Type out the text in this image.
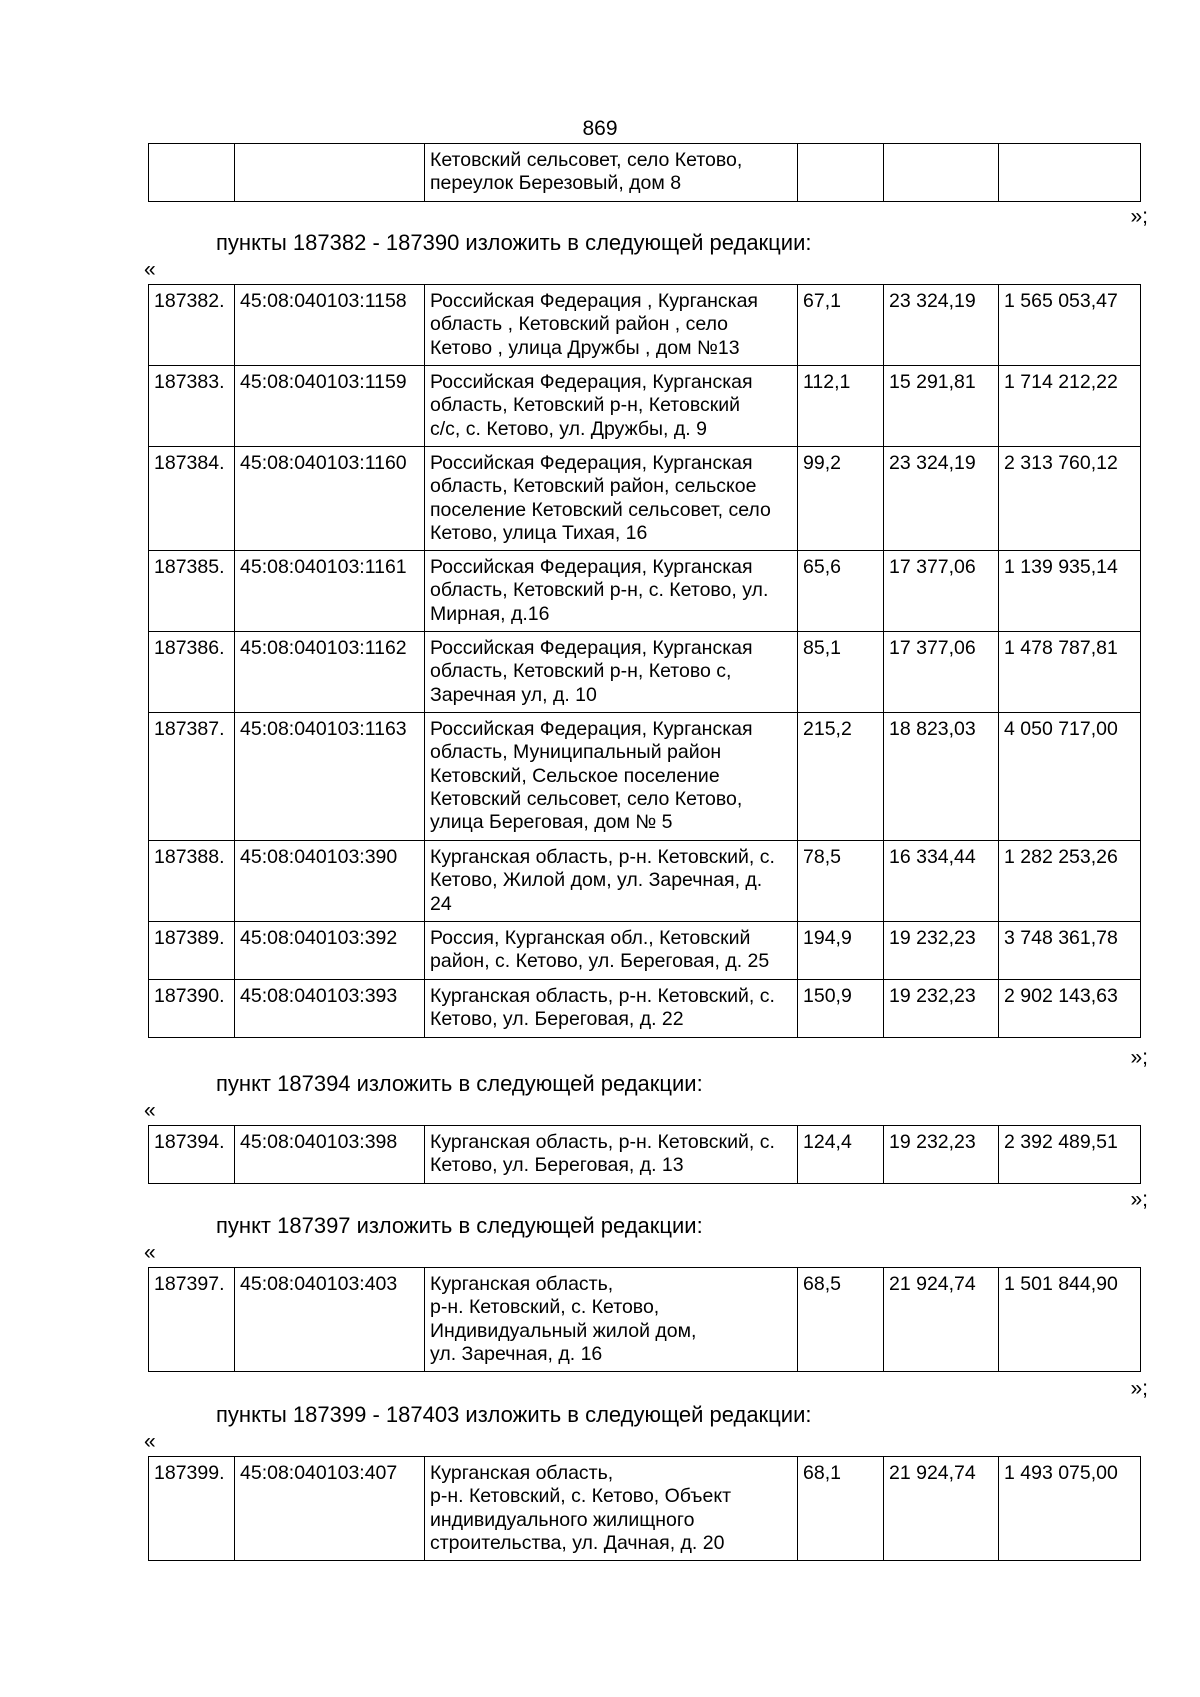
869
		Кетовский сельсовет, село Кетово,
переулок Березовый, дом 8			
»;
пункты 187382 - 187390 изложить в следующей редакции:
«
187382.	45:08:040103:1158	Российская Федерация , Курганская
область , Кетовский район , село
Кетово , улица Дружбы , дом №13	67,1	23 324,19	1 565 053,47
187383.	45:08:040103:1159	Российская Федерация, Курганская
область, Кетовский р-н, Кетовский
с/с, с. Кетово, ул. Дружбы, д. 9	112,1	15 291,81	1 714 212,22
187384.	45:08:040103:1160	Российская Федерация, Курганская
область, Кетовский район, сельское
поселение Кетовский сельсовет, село
Кетово, улица Тихая, 16	99,2	23 324,19	2 313 760,12
187385.	45:08:040103:1161	Российская Федерация, Курганская
область, Кетовский р-н, с. Кетово, ул.
Мирная, д.16	65,6	17 377,06	1 139 935,14
187386.	45:08:040103:1162	Российская Федерация, Курганская
область, Кетовский р-н, Кетово с,
Заречная ул, д. 10	85,1	17 377,06	1 478 787,81
187387.	45:08:040103:1163	Российская Федерация, Курганская
область, Муниципальный район
Кетовский, Сельское поселение
Кетовский сельсовет, село Кетово,
улица Береговая, дом № 5	215,2	18 823,03	4 050 717,00
187388.	45:08:040103:390	Курганская область, р-н. Кетовский, с.
Кетово, Жилой дом, ул. Заречная, д.
24	78,5	16 334,44	1 282 253,26
187389.	45:08:040103:392	Россия, Курганская обл., Кетовский
район, с. Кетово, ул. Береговая, д. 25	194,9	19 232,23	3 748 361,78
187390.	45:08:040103:393	Курганская область, р-н. Кетовский, с.
Кетово, ул. Береговая, д. 22	150,9	19 232,23	2 902 143,63
»;
пункт 187394 изложить в следующей редакции:
«
187394.	45:08:040103:398	Курганская область, р-н. Кетовский, с.
Кетово, ул. Береговая, д. 13	124,4	19 232,23	2 392 489,51
»;
пункт 187397 изложить в следующей редакции:
«
187397.	45:08:040103:403	Курганская область,
р-н. Кетовский, с. Кетово,
Индивидуальный жилой дом,
ул. Заречная, д. 16	68,5	21 924,74	1 501 844,90
»;
пункты 187399 - 187403 изложить в следующей редакции:
«
187399.	45:08:040103:407	Курганская область,
р-н. Кетовский, с. Кетово, Объект
индивидуального жилищного
строительства, ул. Дачная, д. 20	68,1	21 924,74	1 493 075,00
